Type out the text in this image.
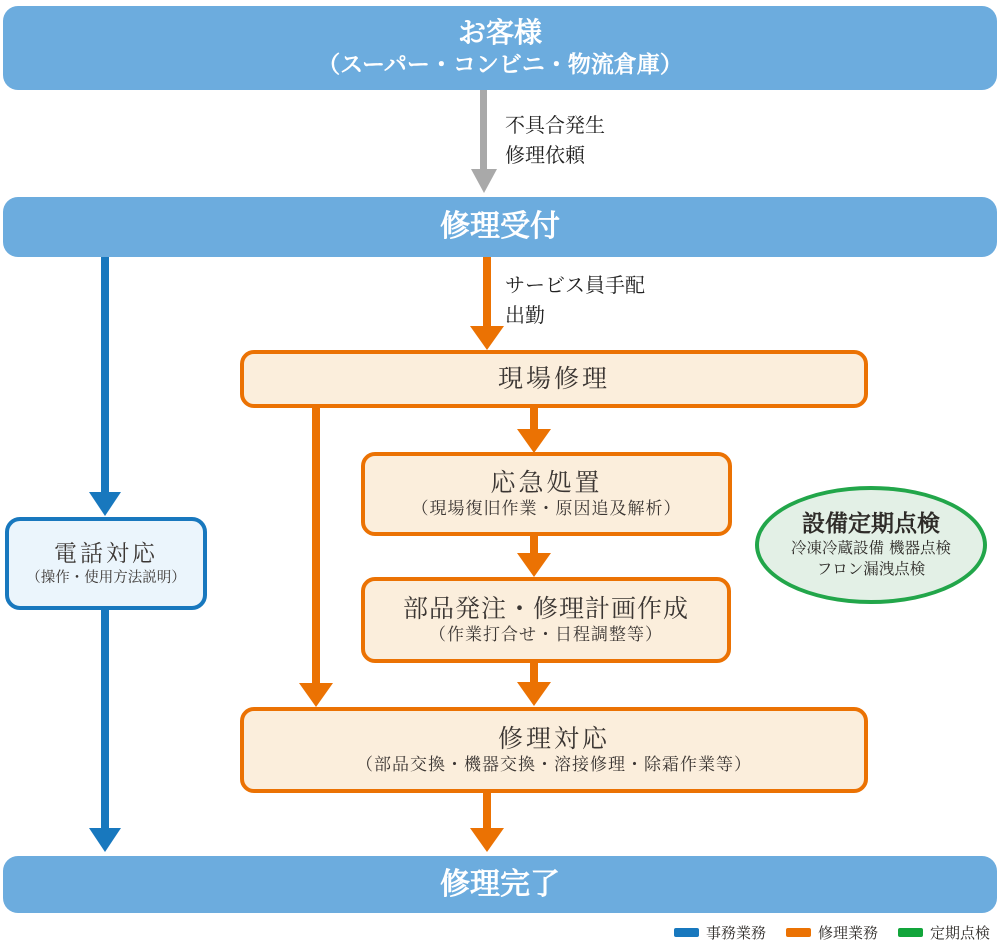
お客様
（スーパー・コンビニ・物流倉庫）
不具合発生
修理依頼
修理受付
電話対応
（操作・使用方法説明）
サービス員手配
出勤
現場修理
応急処置
（現場復旧作業・原因追及解析）
部品発注・修理計画作成
（作業打合せ・日程調整等）
修理対応
（部品交換・機器交換・溶接修理・除霜作業等）
設備定期点検
冷凍冷蔵設備 機器点検
フロン漏洩点検
修理完了
事務業務	修理業務	定期点検
